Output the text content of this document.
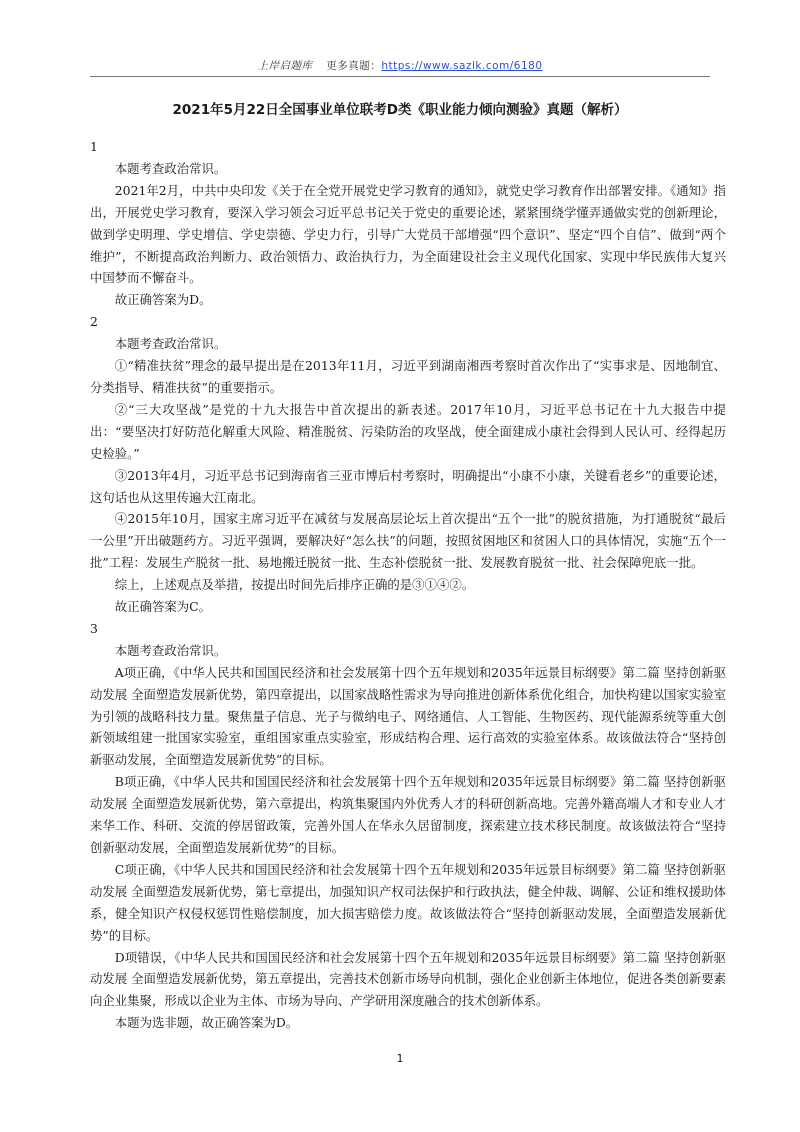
上岸启题库 更多真题：https://www.sazlk.com/6180
2021年5月22日全国事业单位联考D类《职业能力倾向测验》真题（解析）

1

本题考查政治常识。

2021年2月，中共中央印发《关于在全党开展党史学习教育的通知》，就党史学习教育作出部署安排。《通知》指出，开展党史学习教育，要深入学习领会习近平总书记关于党史的重要论述，紧紧围绕学懂弄通做实党的创新理论，做到学史明理、学史增信、学史崇德、学史力行，引导广大党员干部增强“四个意识”、坚定“四个自信”、做到“两个维护”，不断提高政治判断力、政治领悟力、政治执行力，为全面建设社会主义现代化国家、实现中华民族伟大复兴中国梦而不懈奋斗。

故正确答案为D。

2

本题考查政治常识。

①“精准扶贫”理念的最早提出是在2013年11月，习近平到湖南湘西考察时首次作出了“实事求是、因地制宜、分类指导、精准扶贫”的重要指示。

②“三大攻坚战”是党的十九大报告中首次提出的新表述。2017年10月，习近平总书记在十九大报告中提出：“要坚决打好防范化解重大风险、精准脱贫、污染防治的攻坚战，使全面建成小康社会得到人民认可、经得起历史检验。”

③2013年4月，习近平总书记到海南省三亚市博后村考察时，明确提出“小康不小康，关键看老乡”的重要论述，这句话也从这里传遍大江南北。

④2015年10月，国家主席习近平在减贫与发展高层论坛上首次提出“五个一批”的脱贫措施，为打通脱贫“最后一公里”开出破题药方。习近平强调，要解决好“怎么扶”的问题，按照贫困地区和贫困人口的具体情况，实施“五个一批”工程：发展生产脱贫一批、易地搬迁脱贫一批、生态补偿脱贫一批、发展教育脱贫一批、社会保障兜底一批。

综上，上述观点及举措，按提出时间先后排序正确的是③①④②。

故正确答案为C。

3

本题考查政治常识。

A项正确，《中华人民共和国国民经济和社会发展第十四个五年规划和2035年远景目标纲要》第二篇 坚持创新驱动发展 全面塑造发展新优势，第四章提出，以国家战略性需求为导向推进创新体系优化组合，加快构建以国家实验室为引领的战略科技力量。聚焦量子信息、光子与微纳电子、网络通信、人工智能、生物医药、现代能源系统等重大创新领域组建一批国家实验室，重组国家重点实验室，形成结构合理、运行高效的实验室体系。故该做法符合“坚持创新驱动发展，全面塑造发展新优势”的目标。

B项正确，《中华人民共和国国民经济和社会发展第十四个五年规划和2035年远景目标纲要》第二篇 坚持创新驱动发展 全面塑造发展新优势，第六章提出，构筑集聚国内外优秀人才的科研创新高地。完善外籍高端人才和专业人才来华工作、科研、交流的停居留政策，完善外国人在华永久居留制度，探索建立技术移民制度。故该做法符合“坚持创新驱动发展，全面塑造发展新优势”的目标。

C项正确，《中华人民共和国国民经济和社会发展第十四个五年规划和2035年远景目标纲要》第二篇 坚持创新驱动发展 全面塑造发展新优势，第七章提出，加强知识产权司法保护和行政执法，健全仲裁、调解、公证和维权援助体系，健全知识产权侵权惩罚性赔偿制度，加大损害赔偿力度。故该做法符合“坚持创新驱动发展，全面塑造发展新优势”的目标。

D项错误，《中华人民共和国国民经济和社会发展第十四个五年规划和2035年远景目标纲要》第二篇 坚持创新驱动发展 全面塑造发展新优势，第五章提出，完善技术创新市场导向机制，强化企业创新主体地位，促进各类创新要素向企业集聚，形成以企业为主体、市场为导向、产学研用深度融合的技术创新体系。

本题为选非题，故正确答案为D。

1
